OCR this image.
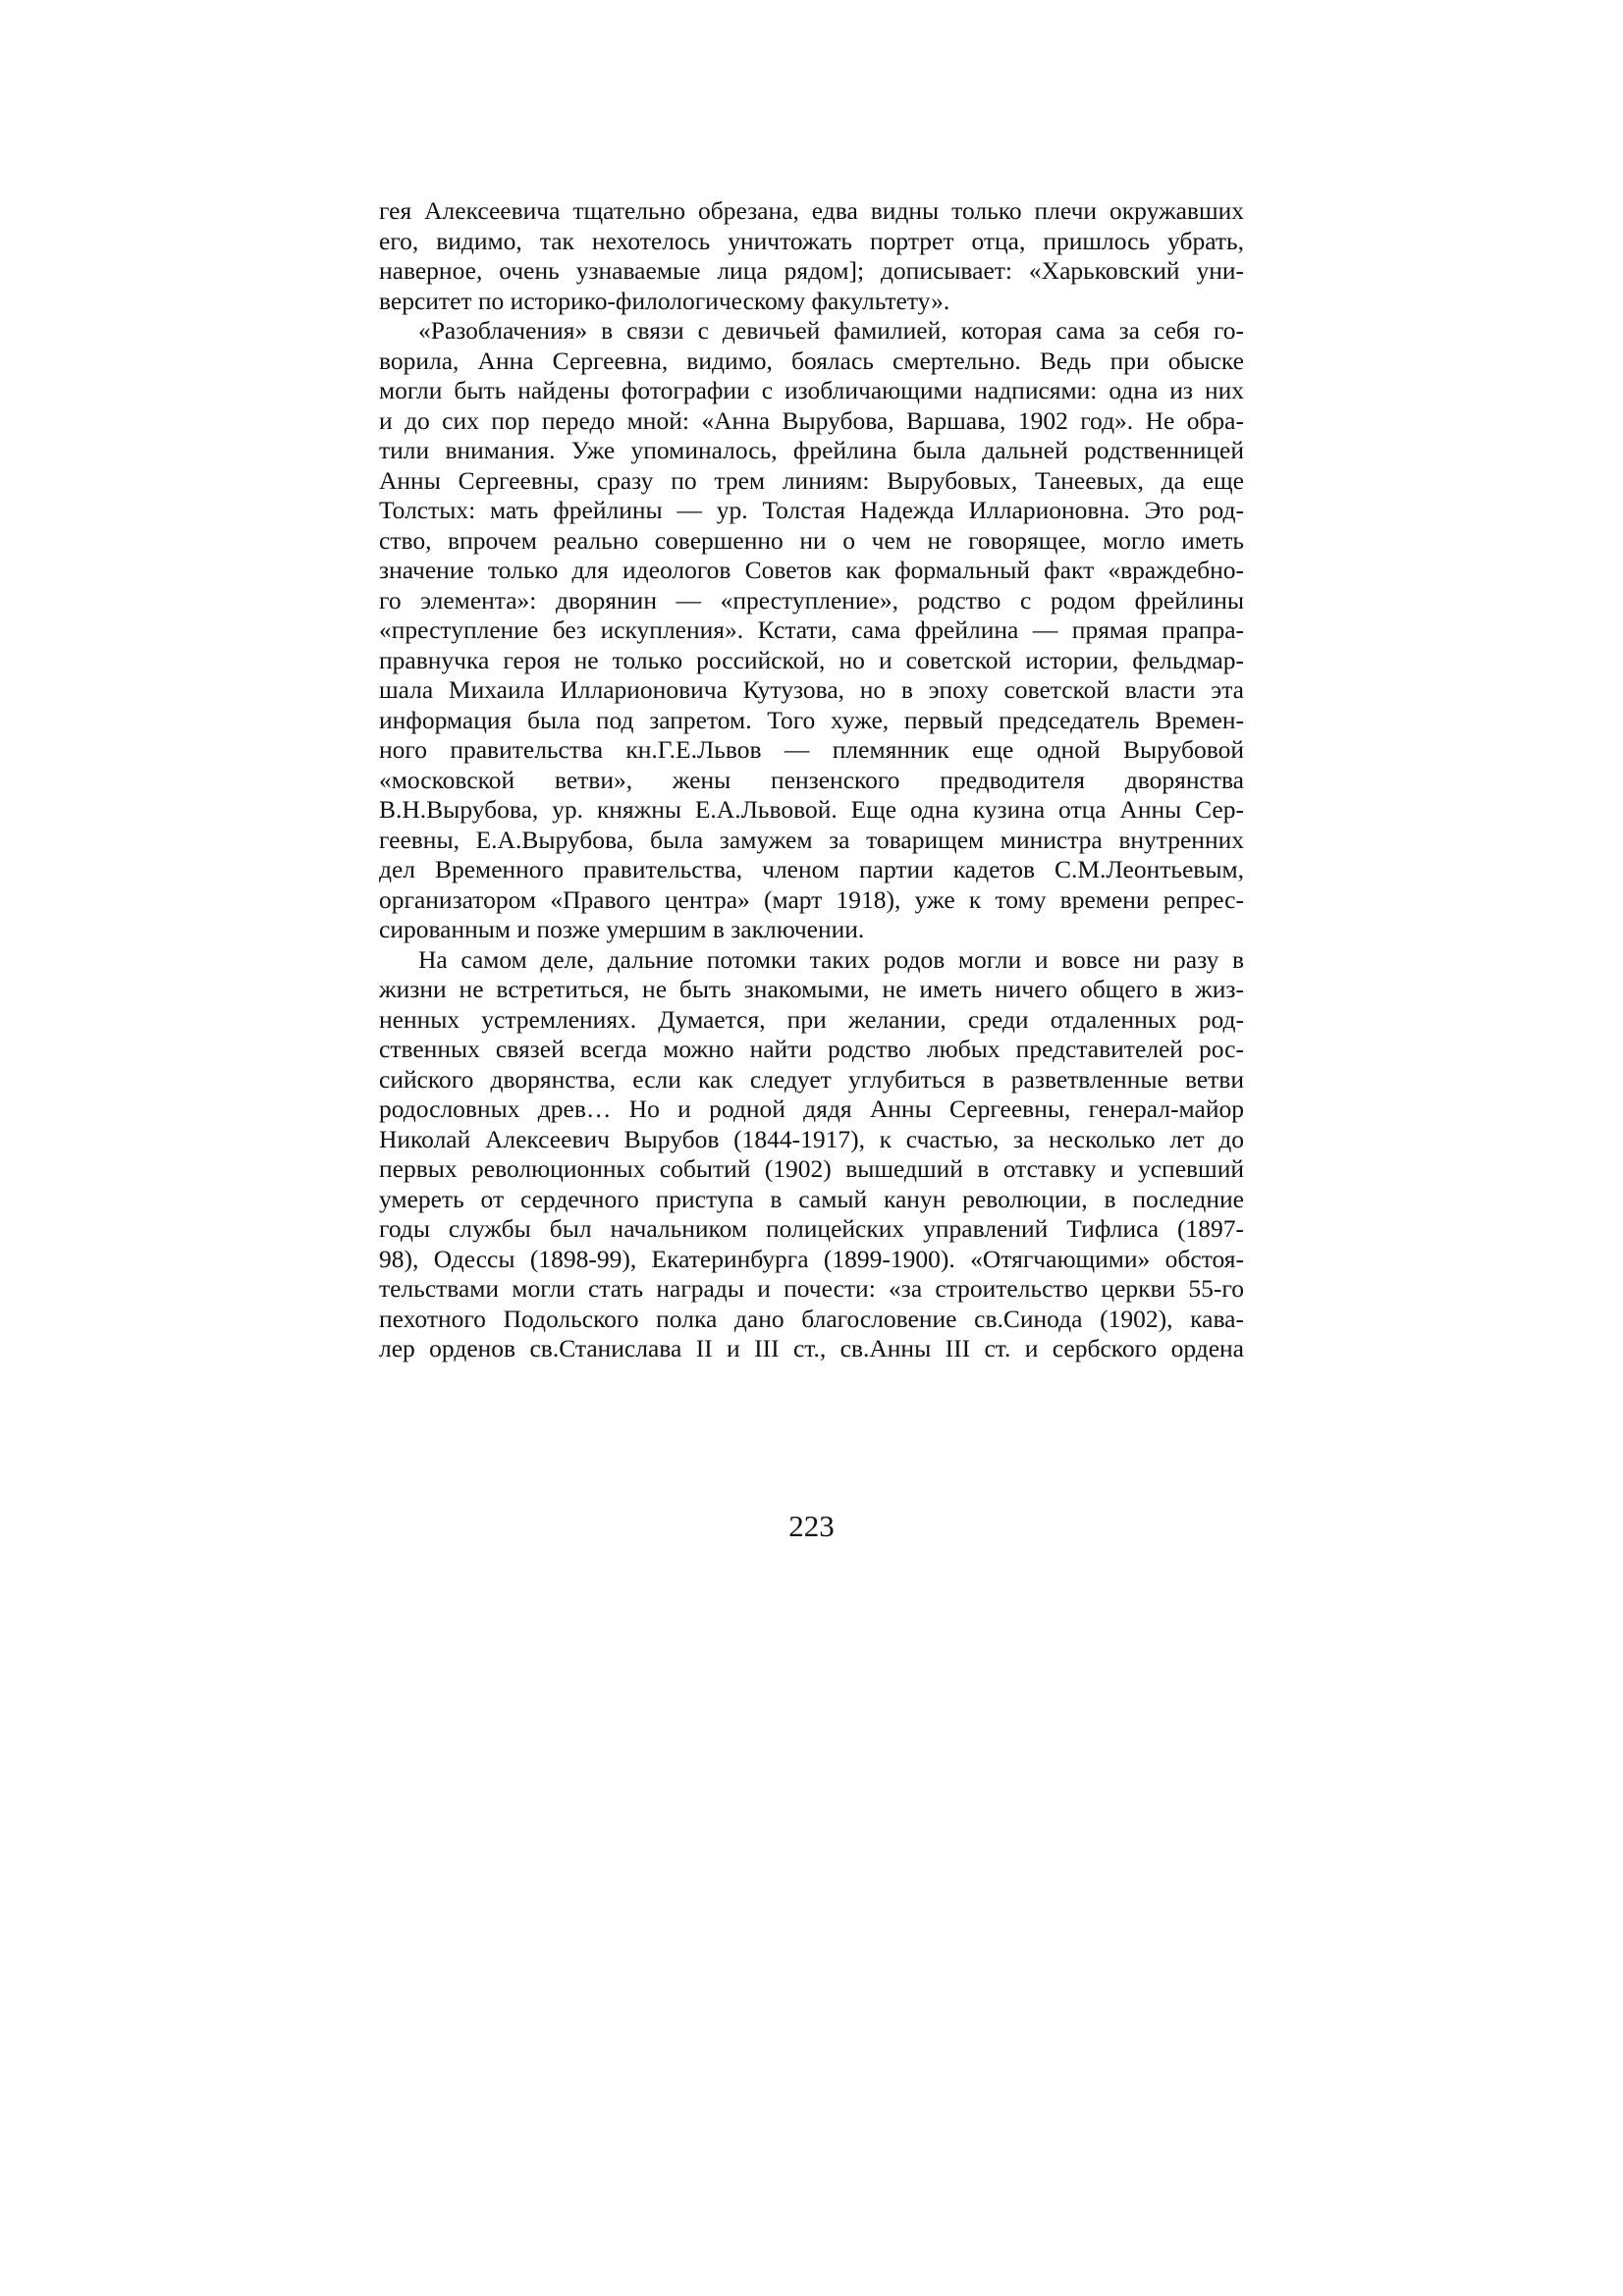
гея Алексеевича тщательно обрезана, едва видны только плечи окружавших
его, видимо, так нехотелось уничтожать портрет отца, пришлось убрать,
наверное, очень узнаваемые лица рядом]; дописывает: «Харьковский уни-
верситет по историко-филологическому факультету».
«Разоблачения» в связи с девичьей фамилией, которая сама за себя го-
ворила, Анна Сергеевна, видимо, боялась смертельно. Ведь при обыске
могли быть найдены фотографии с изобличающими надписями: одна из них
и до сих пор передо мной: «Анна Вырубова, Варшава, 1902 год». Не обра-
тили внимания. Уже упоминалось, фрейлина была дальней родственницей
Анны Сергеевны, сразу по трем линиям: Вырубовых, Танеевых, да еще
Толстых: мать фрейлины — ур. Толстая Надежда Илларионовна. Это род-
ство, впрочем реально совершенно ни о чем не говорящее, могло иметь
значение только для идеологов Советов как формальный факт «враждебно-
го элемента»: дворянин — «преступление», родство с родом фрейлины
«преступление без искупления». Кстати, сама фрейлина — прямая прапра-
правнучка героя не только российской, но и советской истории, фельдмар-
шала Михаила Илларионовича Кутузова, но в эпоху советской власти эта
информация была под запретом. Того хуже, первый председатель Времен-
ного правительства кн.Г.Е.Львов — племянник еще одной Вырубовой
«московской ветви», жены пензенского предводителя дворянства
В.Н.Вырубова, ур. княжны Е.А.Львовой. Еще одна кузина отца Анны Сер-
геевны, Е.А.Вырубова, была замужем за товарищем министра внутренних
дел Временного правительства, членом партии кадетов С.М.Леонтьевым,
организатором «Правого центра» (март 1918), уже к тому времени репрес-
сированным и позже умершим в заключении.
На самом деле, дальние потомки таких родов могли и вовсе ни разу в
жизни не встретиться, не быть знакомыми, не иметь ничего общего в жиз-
ненных устремлениях. Думается, при желании, среди отдаленных род-
ственных связей всегда можно найти родство любых представителей рос-
сийского дворянства, если как следует углубиться в разветвленные ветви
родословных древ… Но и родной дядя Анны Сергеевны, генерал-майор
Николай Алексеевич Вырубов (1844-1917), к счастью, за несколько лет до
первых революционных событий (1902) вышедший в отставку и успевший
умереть от сердечного приступа в самый канун революции, в последние
годы службы был начальником полицейских управлений Тифлиса (1897-
98), Одессы (1898-99), Екатеринбурга (1899-1900). «Отягчающими» обстоя-
тельствами могли стать награды и почести: «за строительство церкви 55-го
пехотного Подольского полка дано благословение св.Синода (1902), кава-
лер орденов св.Станислава II и III ст., св.Анны III ст. и сербского ордена
223
